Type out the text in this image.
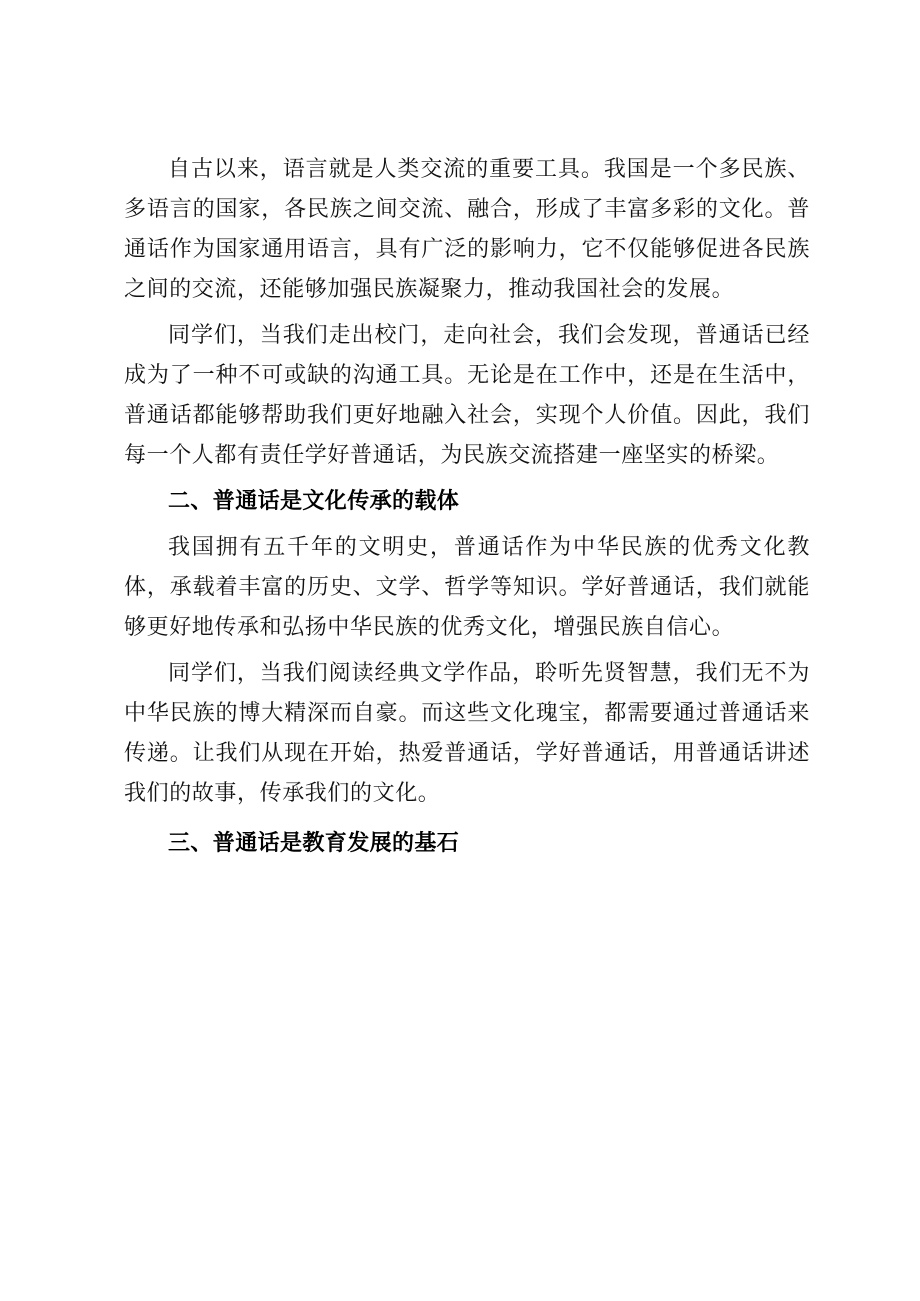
自古以来，语言就是人类交流的重要工具。我国是一个多民族、多语言的国家，各民族之间交流、融合，形成了丰富多彩的文化。普通话作为国家通用语言，具有广泛的影响力，它不仅能够促进各民族之间的交流，还能够加强民族凝聚力，推动我国社会的发展。

同学们，当我们走出校门，走向社会，我们会发现，普通话已经成为了一种不可或缺的沟通工具。无论是在工作中，还是在生活中，普通话都能够帮助我们更好地融入社会，实现个人价值。因此，我们每一个人都有责任学好普通话，为民族交流搭建一座坚实的桥梁。

二、普通话是文化传承的载体

我国拥有五千年的文明史，普通话作为中华民族的优秀文化教体，承载着丰富的历史、文学、哲学等知识。学好普通话，我们就能够更好地传承和弘扬中华民族的优秀文化，增强民族自信心。

同学们，当我们阅读经典文学作品，聆听先贤智慧，我们无不为中华民族的博大精深而自豪。而这些文化瑰宝，都需要通过普通话来传递。让我们从现在开始，热爱普通话，学好普通话，用普通话讲述我们的故事，传承我们的文化。

三、普通话是教育发展的基石
